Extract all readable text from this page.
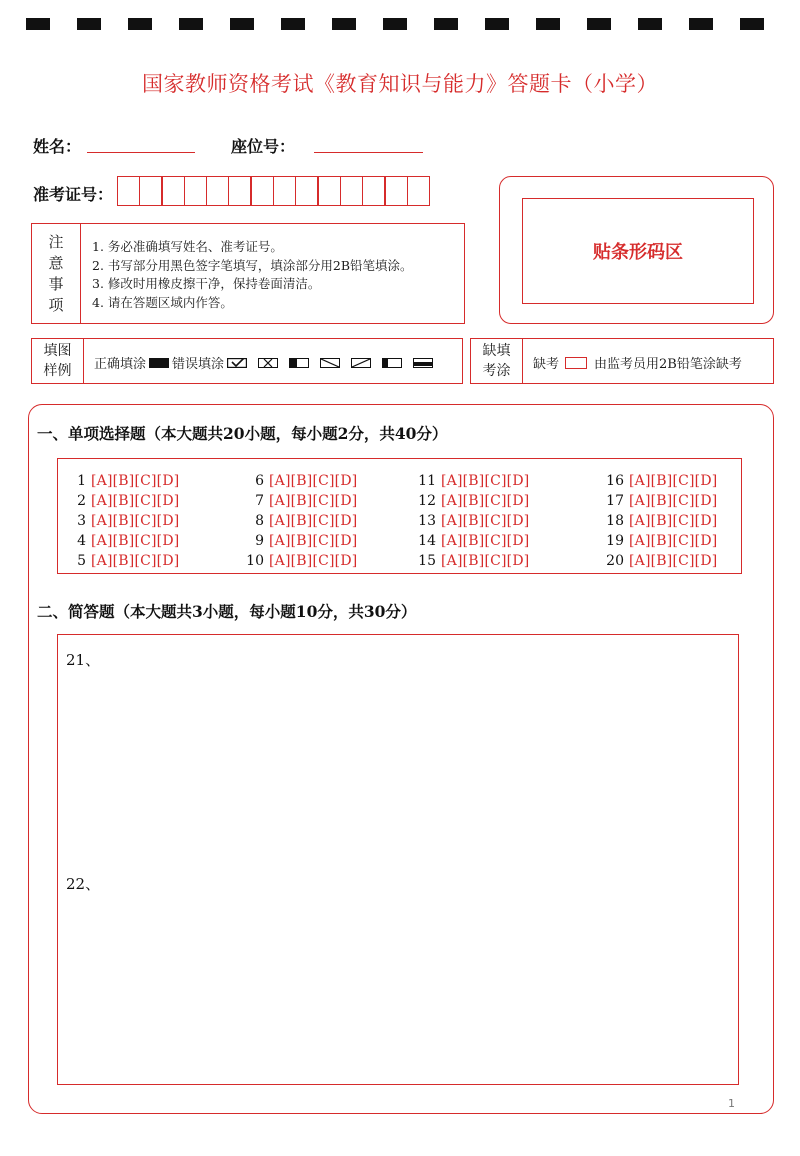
国家教师资格考试《教育知识与能力》答题卡（小学）
姓名：	座位号：
准考证号：
贴条形码区
注
意
事
项
1. 务必准确填写姓名、准考证号。
2. 书写部分用黑色签字笔填写，填涂部分用2B铅笔填涂。
3. 修改时用橡皮擦干净，保持卷面清洁。
4. 请在答题区域内作答。
填图
样例 正确填涂 错误填涂
缺填
考涂 缺考	由监考员用2B铅笔涂缺考
一、单项选择题（本大题共20小题，每小题2分，共40分）
1 [A][B][C][D]
2 [A][B][C][D]
3 [A][B][C][D]
4 [A][B][C][D]
5 [A][B][C][D]
6 [A][B][C][D]
7 [A][B][C][D]
8 [A][B][C][D]
9 [A][B][C][D]
10 [A][B][C][D]
11 [A][B][C][D]
12 [A][B][C][D]
13 [A][B][C][D]
14 [A][B][C][D]
15 [A][B][C][D]
16 [A][B][C][D]
17 [A][B][C][D]
18 [A][B][C][D]
19 [A][B][C][D]
20 [A][B][C][D]
二、简答题（本大题共3小题，每小题10分，共30分）
21、
22、
1
